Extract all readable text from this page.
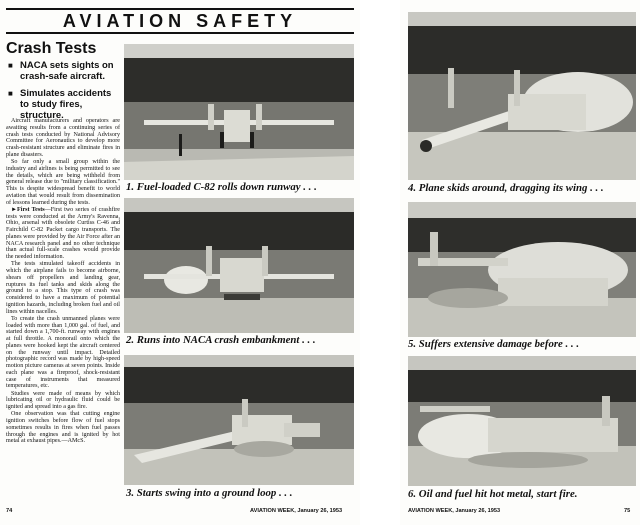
AVIATION SAFETY
Crash Tests
■ NACA sets sights on crash-safe aircraft.
■ Simulates accidents to study fires, structure.

Aircraft manufacturers and operators are awaiting results from a continuing series of crash tests conducted by National Advisory Committee for Aeronautics to develop more crash-resistant structure and eliminate fires in plane disasters.

So far only a small group within the industry and airlines is being permitted to see the details, which are being withheld from general release due to "military classification." This is despite widespread benefit to world aviation that would result from dissemination of lessons learned during the tests.

►First Tests—First two series of crashfire tests were conducted at the Army's Ravenna, Ohio, arsenal with obsolete Curtiss C-46 and Fairchild C-82 Packet cargo transports. The planes were provided by the Air Force after an NACA research panel and no other technique than actual full-scale crashes would provide the needed information.

The tests simulated takeoff accidents in which the airplane fails to become airborne, shears off propellers and landing gear, ruptures its fuel tanks and skids along the ground to a stop. This type of crash was considered to have a maximum of potential ignition hazards, including broken fuel and oil lines within nacelles.

To create the crash unmanned planes were loaded with more than 1,000 gal. of fuel, and started down a 1,700-ft. runway with engines at full throttle. A monorail onto which the planes were hooked kept the aircraft centered on the runway until impact. Detailed photographic record was made by high-speed motion picture cameras at seven points. Inside each plane was a fireproof, shock-resistant case of instruments that measured temperatures, etc.

Studies were made of means by which lubricating oil or hydraulic fluid could be ignited and spread into a gas fire.

One observation was that cutting engine ignition switches before flow of fuel stops sometimes results in fires when fuel passes through the engines and is ignited by hot metal at exhaust pipes.—AMcS.

1. Fuel-loaded C-82 rolls down runway . . .
2. Runs into NACA crash embankment . . .
3. Starts swing into a ground loop . . .
74	AVIATION WEEK, January 26, 1953
4. Plane skids around, dragging its wing . . .
5. Suffers extensive damage before . . .
6. Oil and fuel hit hot metal, start fire.
AVIATION WEEK, January 26, 1953	75
